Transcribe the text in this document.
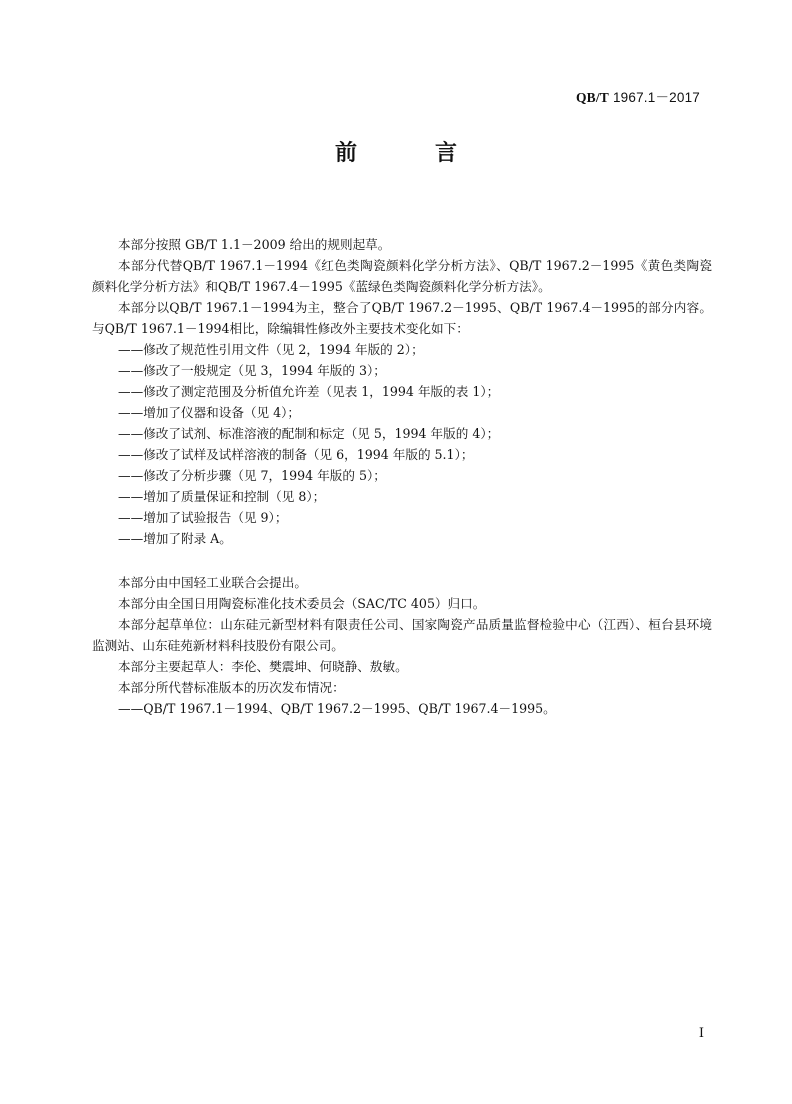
QB/T 1967.1－2017
前　言

本部分按照 GB/T 1.1－2009 给出的规则起草。

本部分代替QB/T 1967.1－1994《红色类陶瓷颜料化学分析方法》、QB/T 1967.2－1995《黄色类陶瓷颜料化学分析方法》和QB/T 1967.4－1995《蓝绿色类陶瓷颜料化学分析方法》。

本部分以QB/T 1967.1－1994为主，整合了QB/T 1967.2－1995、QB/T 1967.4－1995的部分内容。与QB/T 1967.1－1994相比，除编辑性修改外主要技术变化如下：

——修改了规范性引用文件（见 2，1994 年版的 2）；

——修改了一般规定（见 3，1994 年版的 3）；

——修改了测定范围及分析值允许差（见表 1，1994 年版的表 1）；

——增加了仪器和设备（见 4）；

——修改了试剂、标准溶液的配制和标定（见 5，1994 年版的 4）；

——修改了试样及试样溶液的制备（见 6，1994 年版的 5.1）；

——修改了分析步骤（见 7，1994 年版的 5）；

——增加了质量保证和控制（见 8）；

——增加了试验报告（见 9）；

——增加了附录 A。

本部分由中国轻工业联合会提出。

本部分由全国日用陶瓷标准化技术委员会（SAC/TC 405）归口。

本部分起草单位：山东硅元新型材料有限责任公司、国家陶瓷产品质量监督检验中心（江西）、桓台县环境监测站、山东硅苑新材料科技股份有限公司。

本部分主要起草人：李伦、樊震坤、何晓静、敖敏。

本部分所代替标准版本的历次发布情况：

——QB/T 1967.1－1994、QB/T 1967.2－1995、QB/T 1967.4－1995。

I
